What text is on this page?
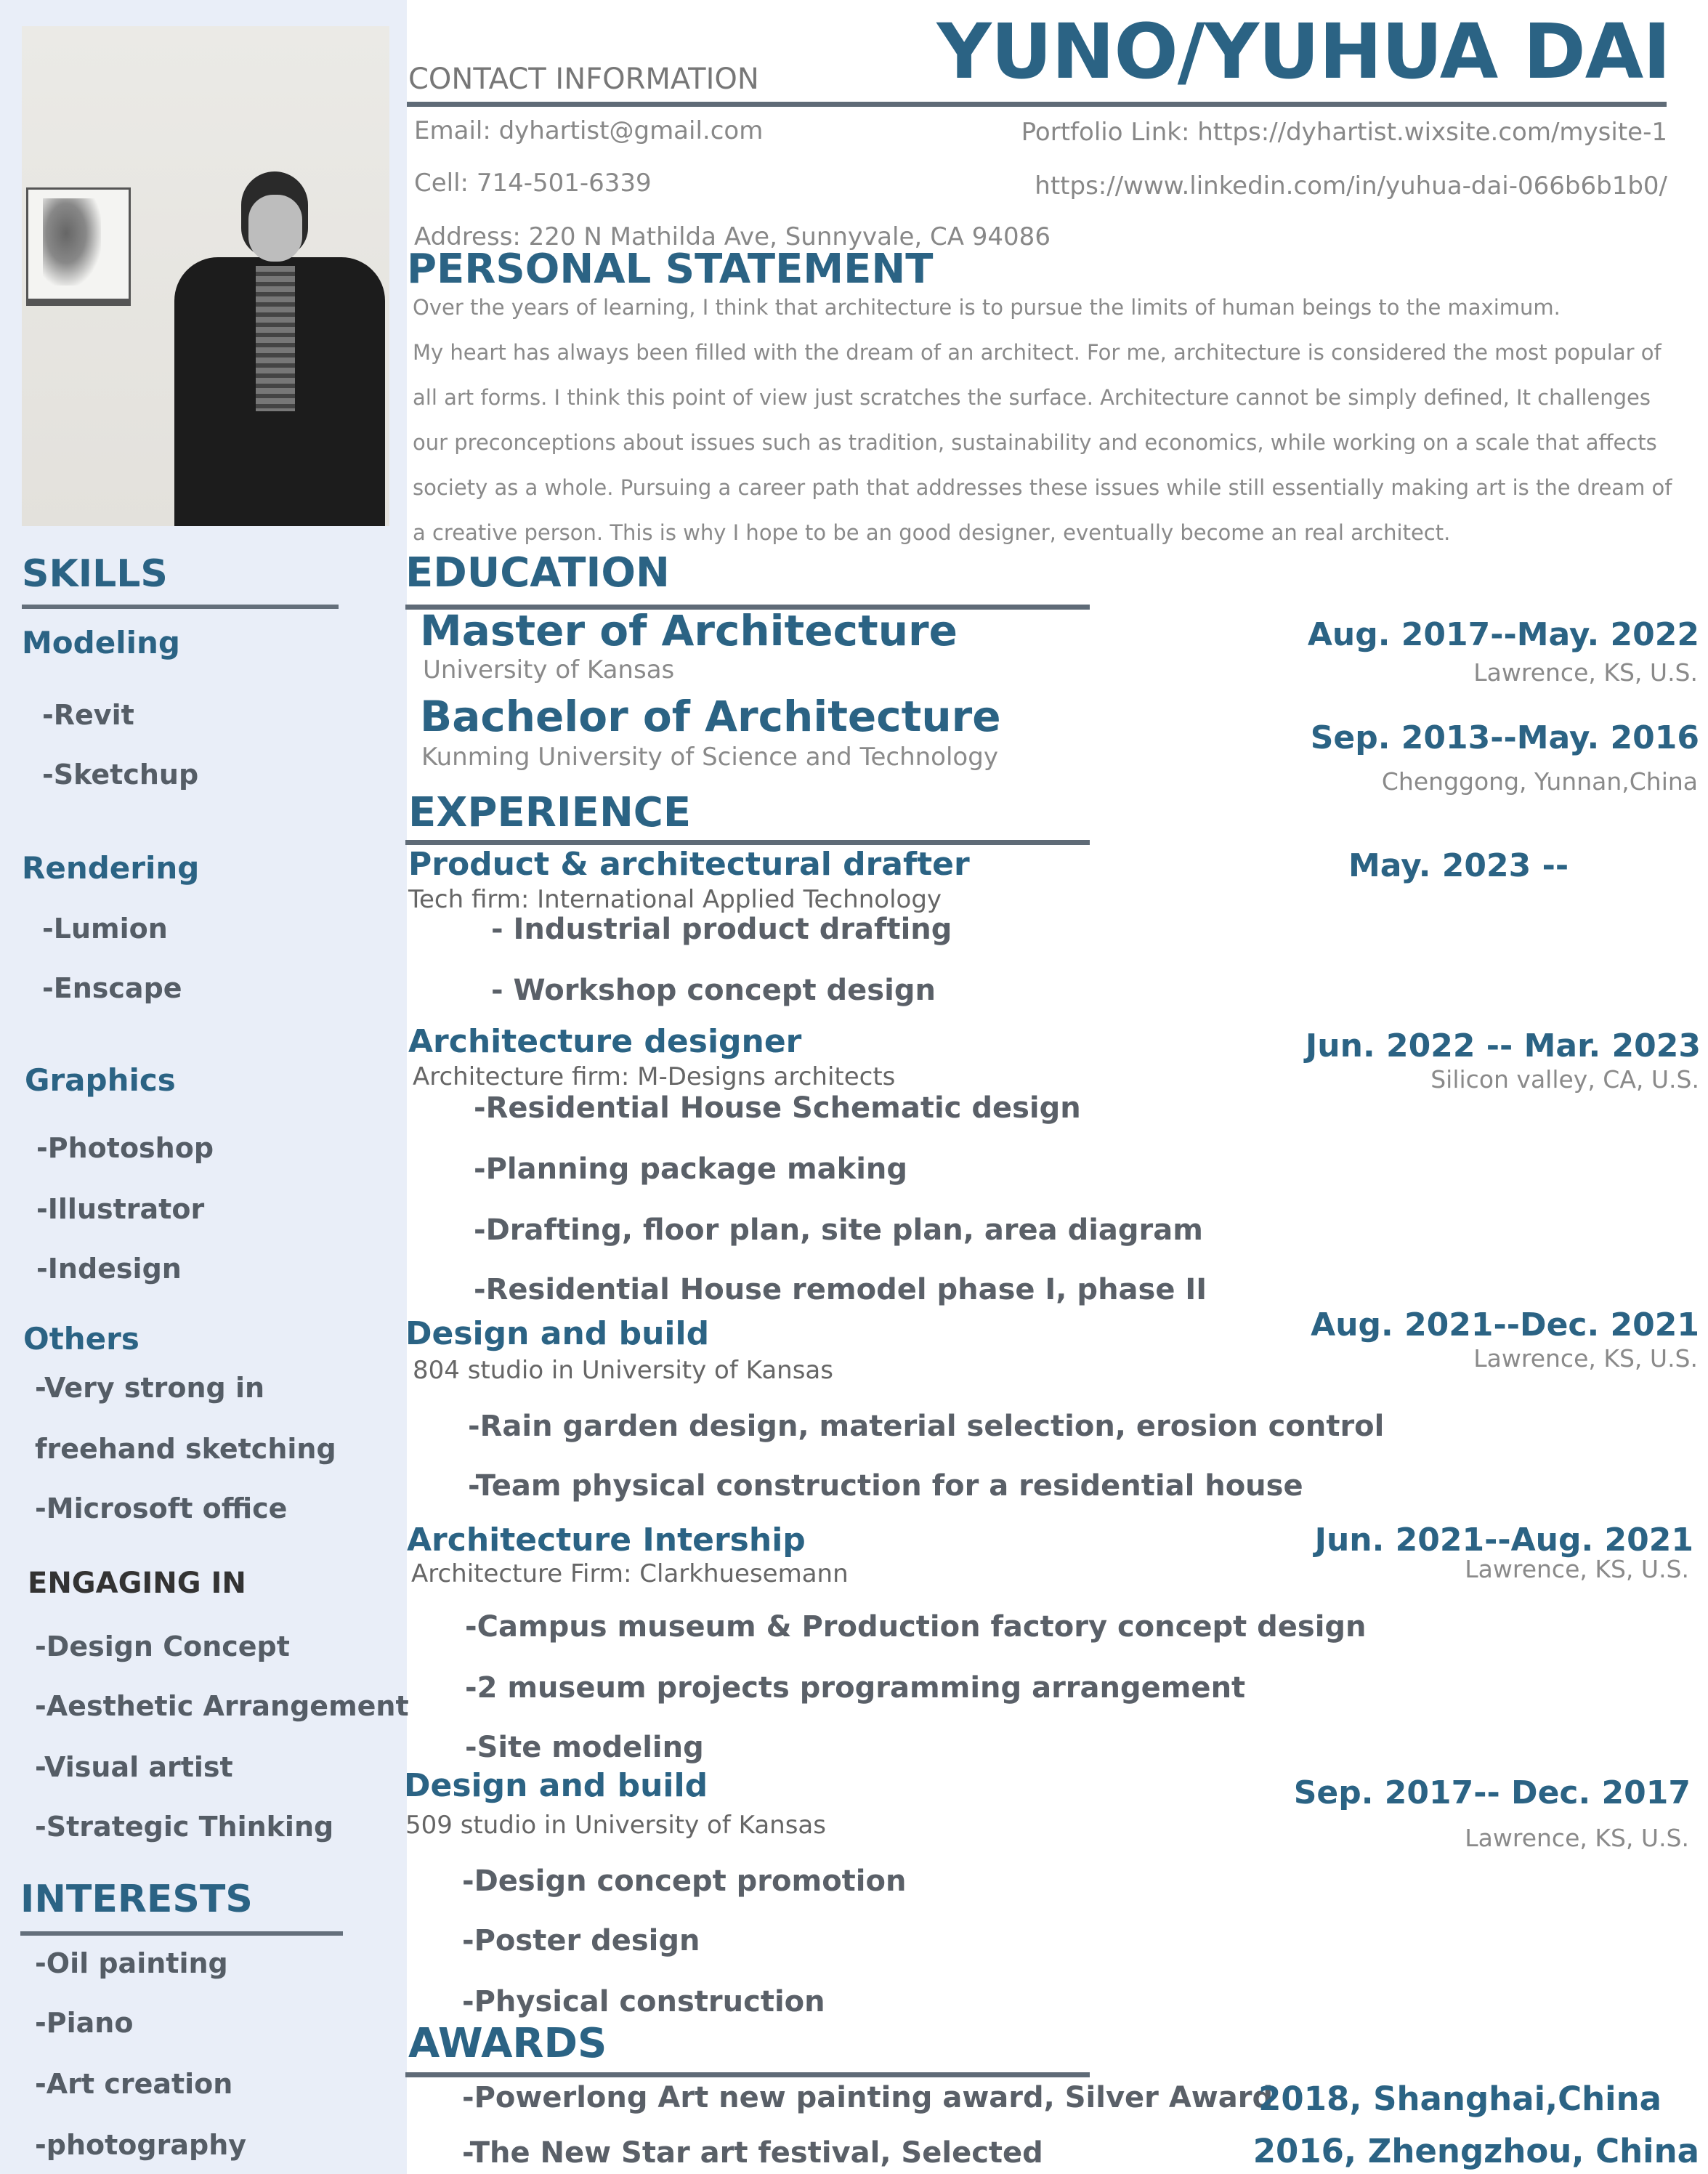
SKILLS
Modeling
-Revit
-Sketchup
Rendering
-Lumion
-Enscape
Graphics
-Photoshop
-Illustrator
-Indesign
Others
-Very strong in
freehand sketching
-Microsoft office
ENGAGING IN
-Design Concept
-Aesthetic Arrangement
-Visual artist
-Strategic Thinking
INTERESTS
-Oil painting
-Piano
-Art creation
-photography
YUNO/YUHUA DAI
CONTACT INFORMATION
Email: dyhartist@gmail.com
Cell: 714-501-6339
Address: 220 N Mathilda Ave, Sunnyvale, CA 94086
Portfolio Link: https://dyhartist.wixsite.com/mysite-1
https://www.linkedin.com/in/yuhua-dai-066b6b1b0/
PERSONAL STATEMENT
Over the years of learning, I think that architecture is to pursue the limits of human beings to the maximum.
My heart has always been filled with the dream of an architect. For me, architecture is considered the most popular of
all art forms. I think this point of view just scratches the surface. Architecture cannot be simply defined, It challenges
our preconceptions about issues such as tradition, sustainability and economics, while working on a scale that affects
society as a whole. Pursuing a career path that addresses these issues while still essentially making art is the dream of
a creative person. This is why I hope to be an good designer, eventually become an real architect.
EDUCATION
Master of Architecture
University of Kansas
Aug. 2017--May. 2022
Lawrence, KS, U.S.
Bachelor of Architecture
Kunming University of Science and Technology
Sep. 2013--May. 2016
Chenggong, Yunnan,China
EXPERIENCE
Product & architectural drafter
Tech firm: International Applied Technology
May. 2023 --
- Industrial product drafting
- Workshop concept design
Architecture designer
Architecture firm: M-Designs architects
Jun. 2022 -- Mar. 2023
Silicon valley, CA, U.S.
-Residential House Schematic design
-Planning package making
-Drafting, floor plan, site plan, area diagram
-Residential House remodel phase I, phase II
Design and build
804 studio in University of Kansas
Aug. 2021--Dec. 2021
Lawrence, KS, U.S.
-Rain garden design, material selection, erosion control
-Team physical construction for a residential house
Architecture Intership
Architecture Firm: Clarkhuesemann
Jun. 2021--Aug. 2021
Lawrence, KS, U.S.
-Campus museum & Production factory concept design
-2 museum projects programming arrangement
-Site modeling
Design and build
509 studio in University of Kansas
Sep. 2017-- Dec. 2017
Lawrence, KS, U.S.
-Design concept promotion
-Poster design
-Physical construction
AWARDS
-Powerlong Art new painting award, Silver Award
2018, Shanghai,China
-The New Star art festival, Selected	2016, Zhengzhou, China
